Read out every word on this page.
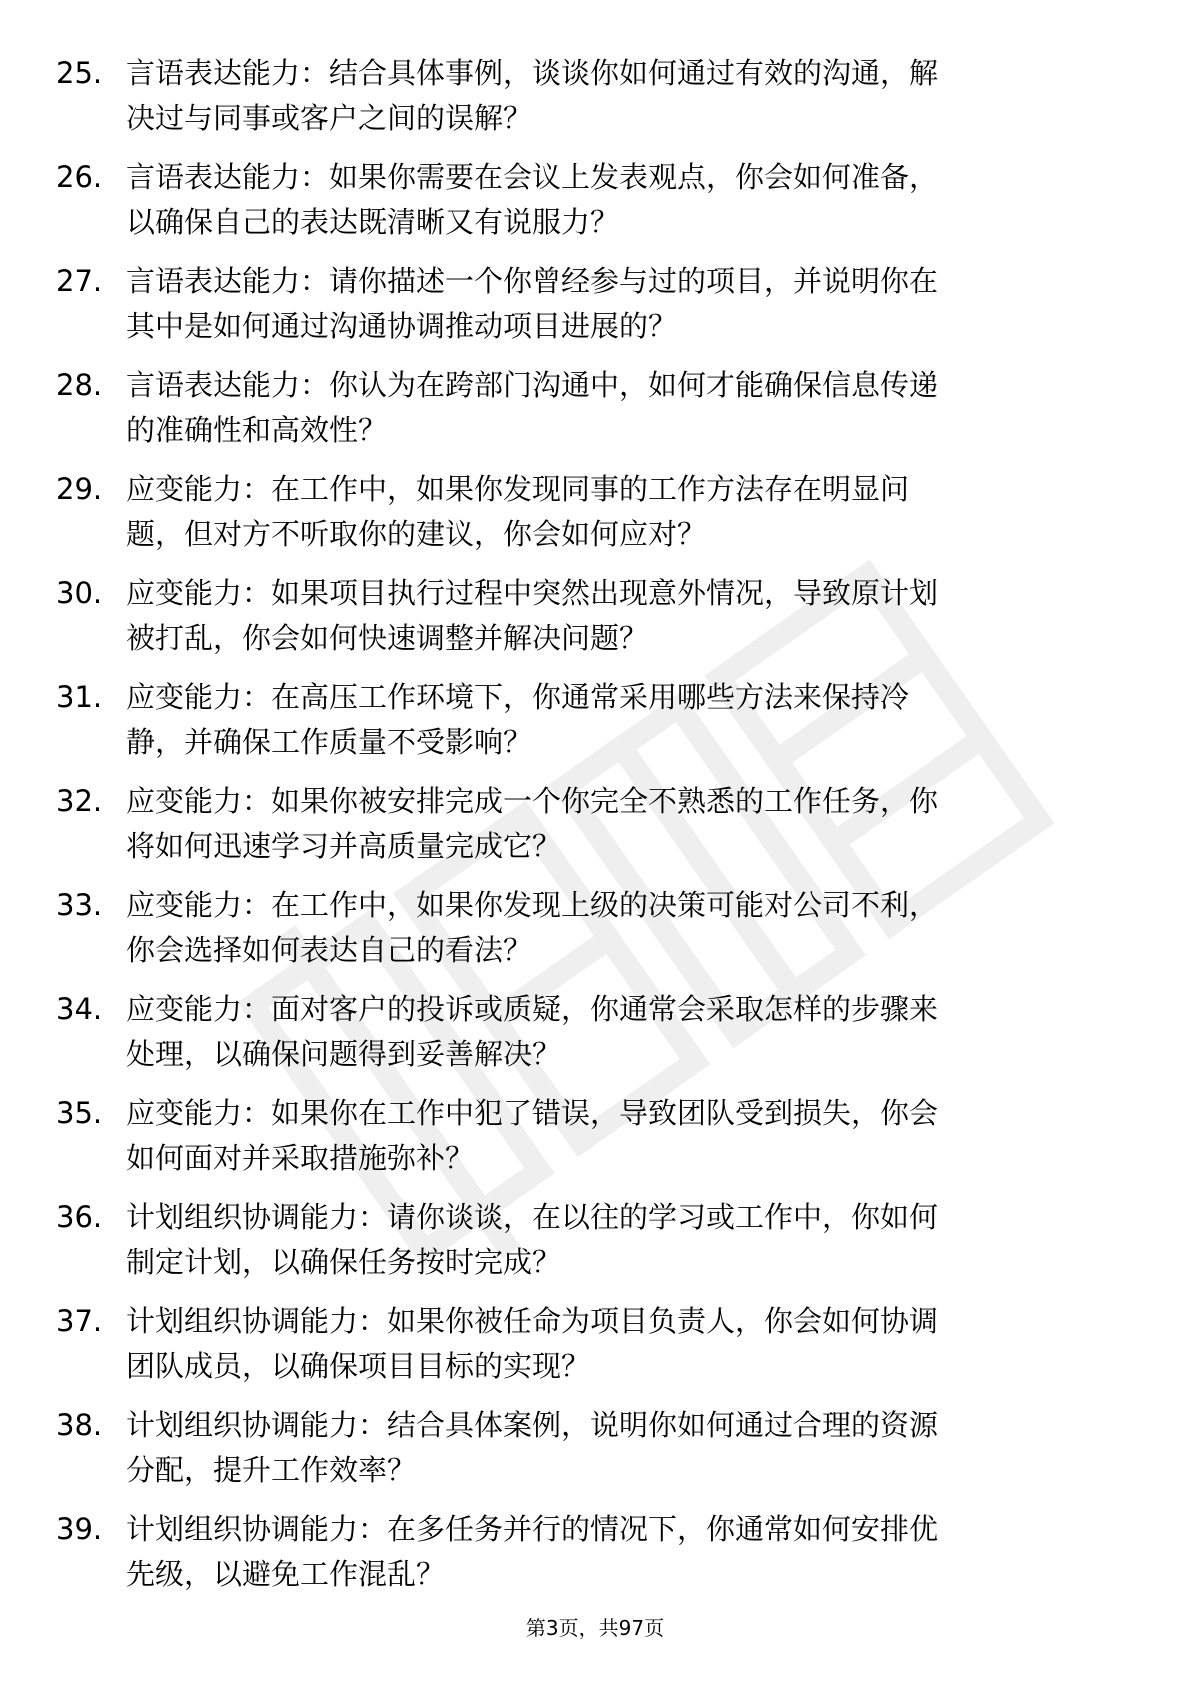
25. 言语表达能力：结合具体事例，谈谈你如何通过有效的沟通，解
决过与同事或客户之间的误解？
26. 言语表达能力：如果你需要在会议上发表观点，你会如何准备，
以确保自己的表达既清晰又有说服力？
27. 言语表达能力：请你描述一个你曾经参与过的项目，并说明你在
其中是如何通过沟通协调推动项目进展的？
28. 言语表达能力：你认为在跨部门沟通中，如何才能确保信息传递
的准确性和高效性？
29. 应变能力：在工作中，如果你发现同事的工作方法存在明显问
题，但对方不听取你的建议，你会如何应对？
30. 应变能力：如果项目执行过程中突然出现意外情况，导致原计划
被打乱，你会如何快速调整并解决问题？
31. 应变能力：在高压工作环境下，你通常采用哪些方法来保持冷
静，并确保工作质量不受影响？
32. 应变能力：如果你被安排完成一个你完全不熟悉的工作任务，你
将如何迅速学习并高质量完成它？
33. 应变能力：在工作中，如果你发现上级的决策可能对公司不利，
你会选择如何表达自己的看法？
34. 应变能力：面对客户的投诉或质疑，你通常会采取怎样的步骤来
处理，以确保问题得到妥善解决？
35. 应变能力：如果你在工作中犯了错误，导致团队受到损失，你会
如何面对并采取措施弥补？
36. 计划组织协调能力：请你谈谈，在以往的学习或工作中，你如何
制定计划，以确保任务按时完成？
37. 计划组织协调能力：如果你被任命为项目负责人，你会如何协调
团队成员，以确保项目目标的实现？
38. 计划组织协调能力：结合具体案例，说明你如何通过合理的资源
分配，提升工作效率？
39. 计划组织协调能力：在多任务并行的情况下，你通常如何安排优
先级，以避免工作混乱？
第3页，共97页
